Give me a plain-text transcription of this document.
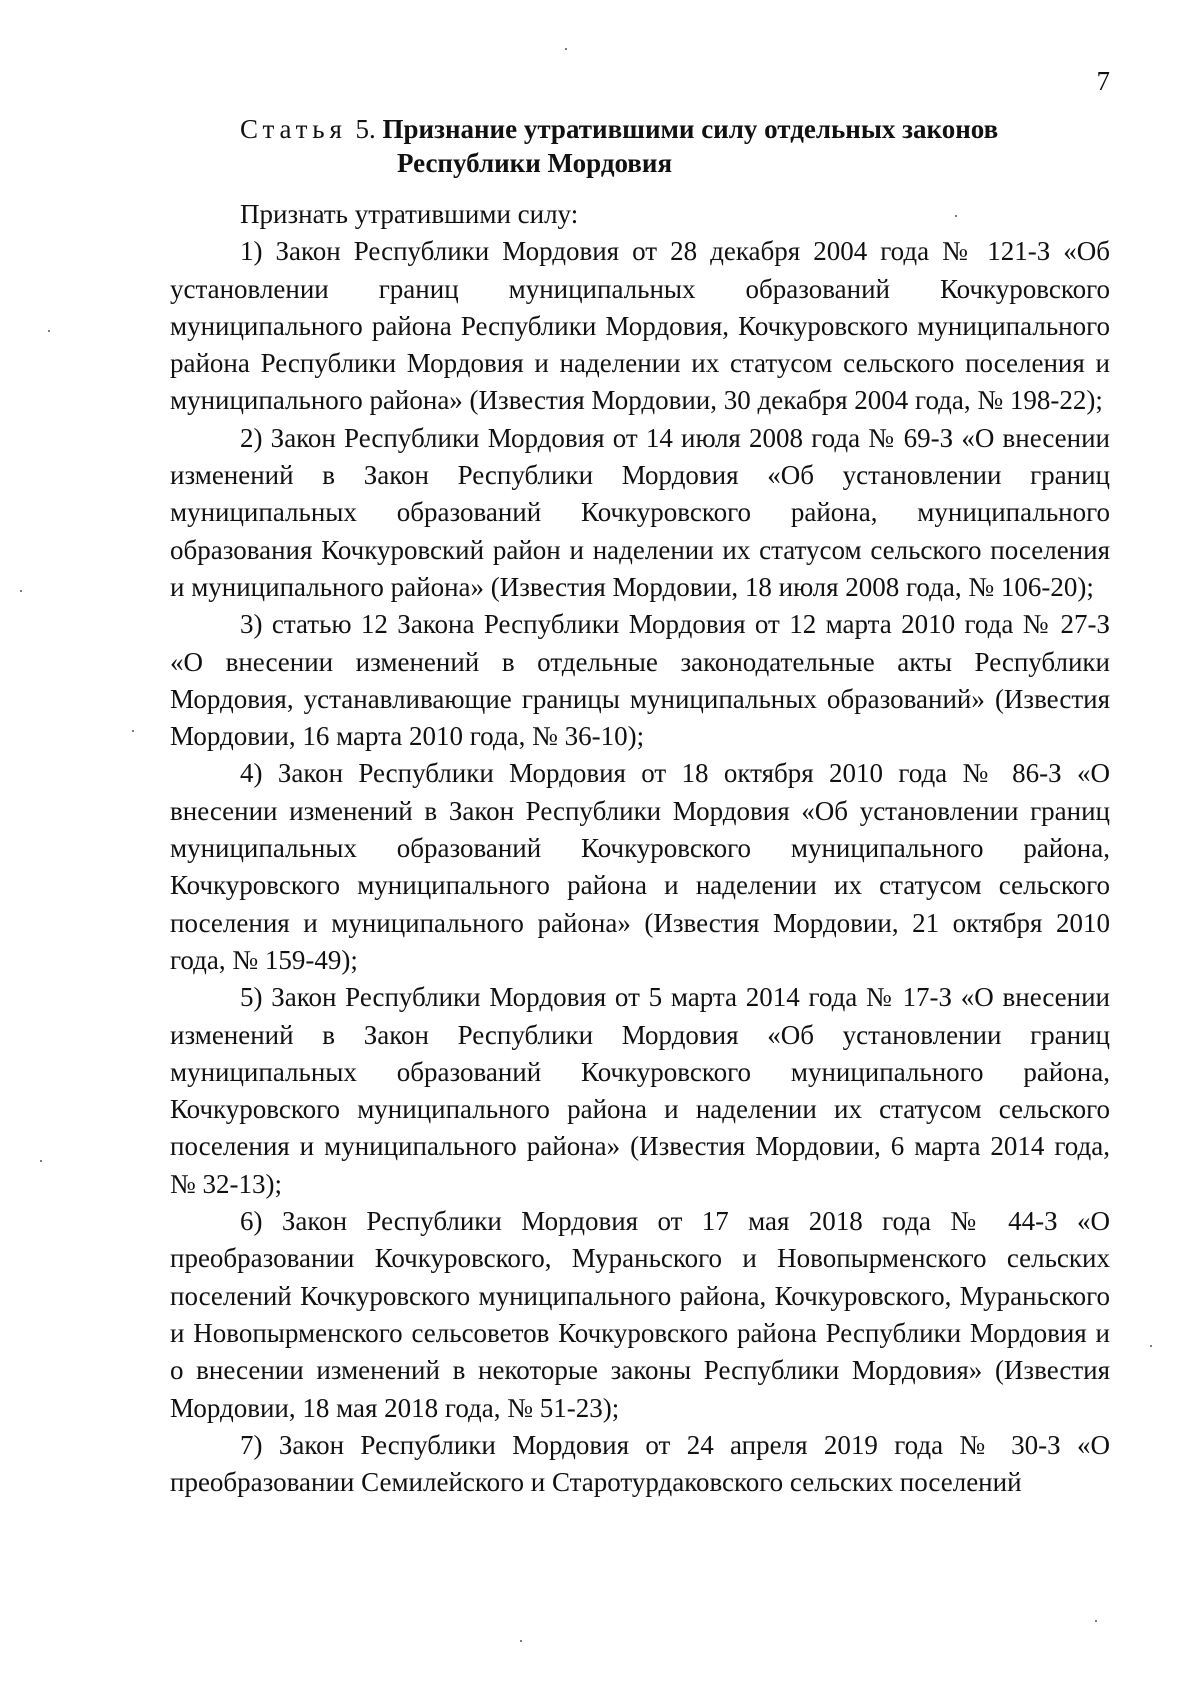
7
Статья 5. Признание утратившими силу отдельных законов
Республики Мордовия

Признать утратившими силу:

1) Закон Республики Мордовия от 28 декабря 2004 года № 121-З «Об установлении границ муниципальных образований Кочкуровского муниципального района Республики Мордовия, Кочкуровского муниципального района Республики Мордовия и наделении их статусом сельского поселения и муниципального района» (Известия Мордовии, 30 декабря 2004 года, № 198-22);

2) Закон Республики Мордовия от 14 июля 2008 года № 69-З «О внесении изменений в Закон Республики Мордовия «Об установлении границ муниципальных образований Кочкуровского района, муниципального образования Кочкуровский район и наделении их статусом сельского поселения и муниципального района» (Известия Мордовии, 18 июля 2008 года, № 106-20);

3) статью 12 Закона Республики Мордовия от 12 марта 2010 года № 27-З «О внесении изменений в отдельные законодательные акты Республики Мордовия, устанавливающие границы муниципальных образований» (Известия Мордовии, 16 марта 2010 года, № 36-10);

4) Закон Республики Мордовия от 18 октября 2010 года № 86-З «О внесении изменений в Закон Республики Мордовия «Об установлении границ муниципальных образований Кочкуровского муниципального района, Кочкуровского муниципального района и наделении их статусом сельского поселения и муниципального района» (Известия Мордовии, 21 октября 2010 года, № 159-49);

5) Закон Республики Мордовия от 5 марта 2014 года № 17-З «О внесении изменений в Закон Республики Мордовия «Об установлении границ муниципальных образований Кочкуровского муниципального района, Кочкуровского муниципального района и наделении их статусом сельского поселения и муниципального района» (Известия Мордовии, 6 марта 2014 года, № 32-13);

6) Закон Республики Мордовия от 17 мая 2018 года № 44-З «О преобразовании Кочкуровского, Мураньского и Новопырменского сельских поселений Кочкуровского муниципального района, Кочкуровского, Мураньского и Новопырменского сельсоветов Кочкуровского района Республики Мордовия и о внесении изменений в некоторые законы Республики Мордовия» (Известия Мордовии, 18 мая 2018 года, № 51-23);

7) Закон Республики Мордовия от 24 апреля 2019 года № 30-З «О преобразовании Семилейского и Старотурдаковского сельских поселений
